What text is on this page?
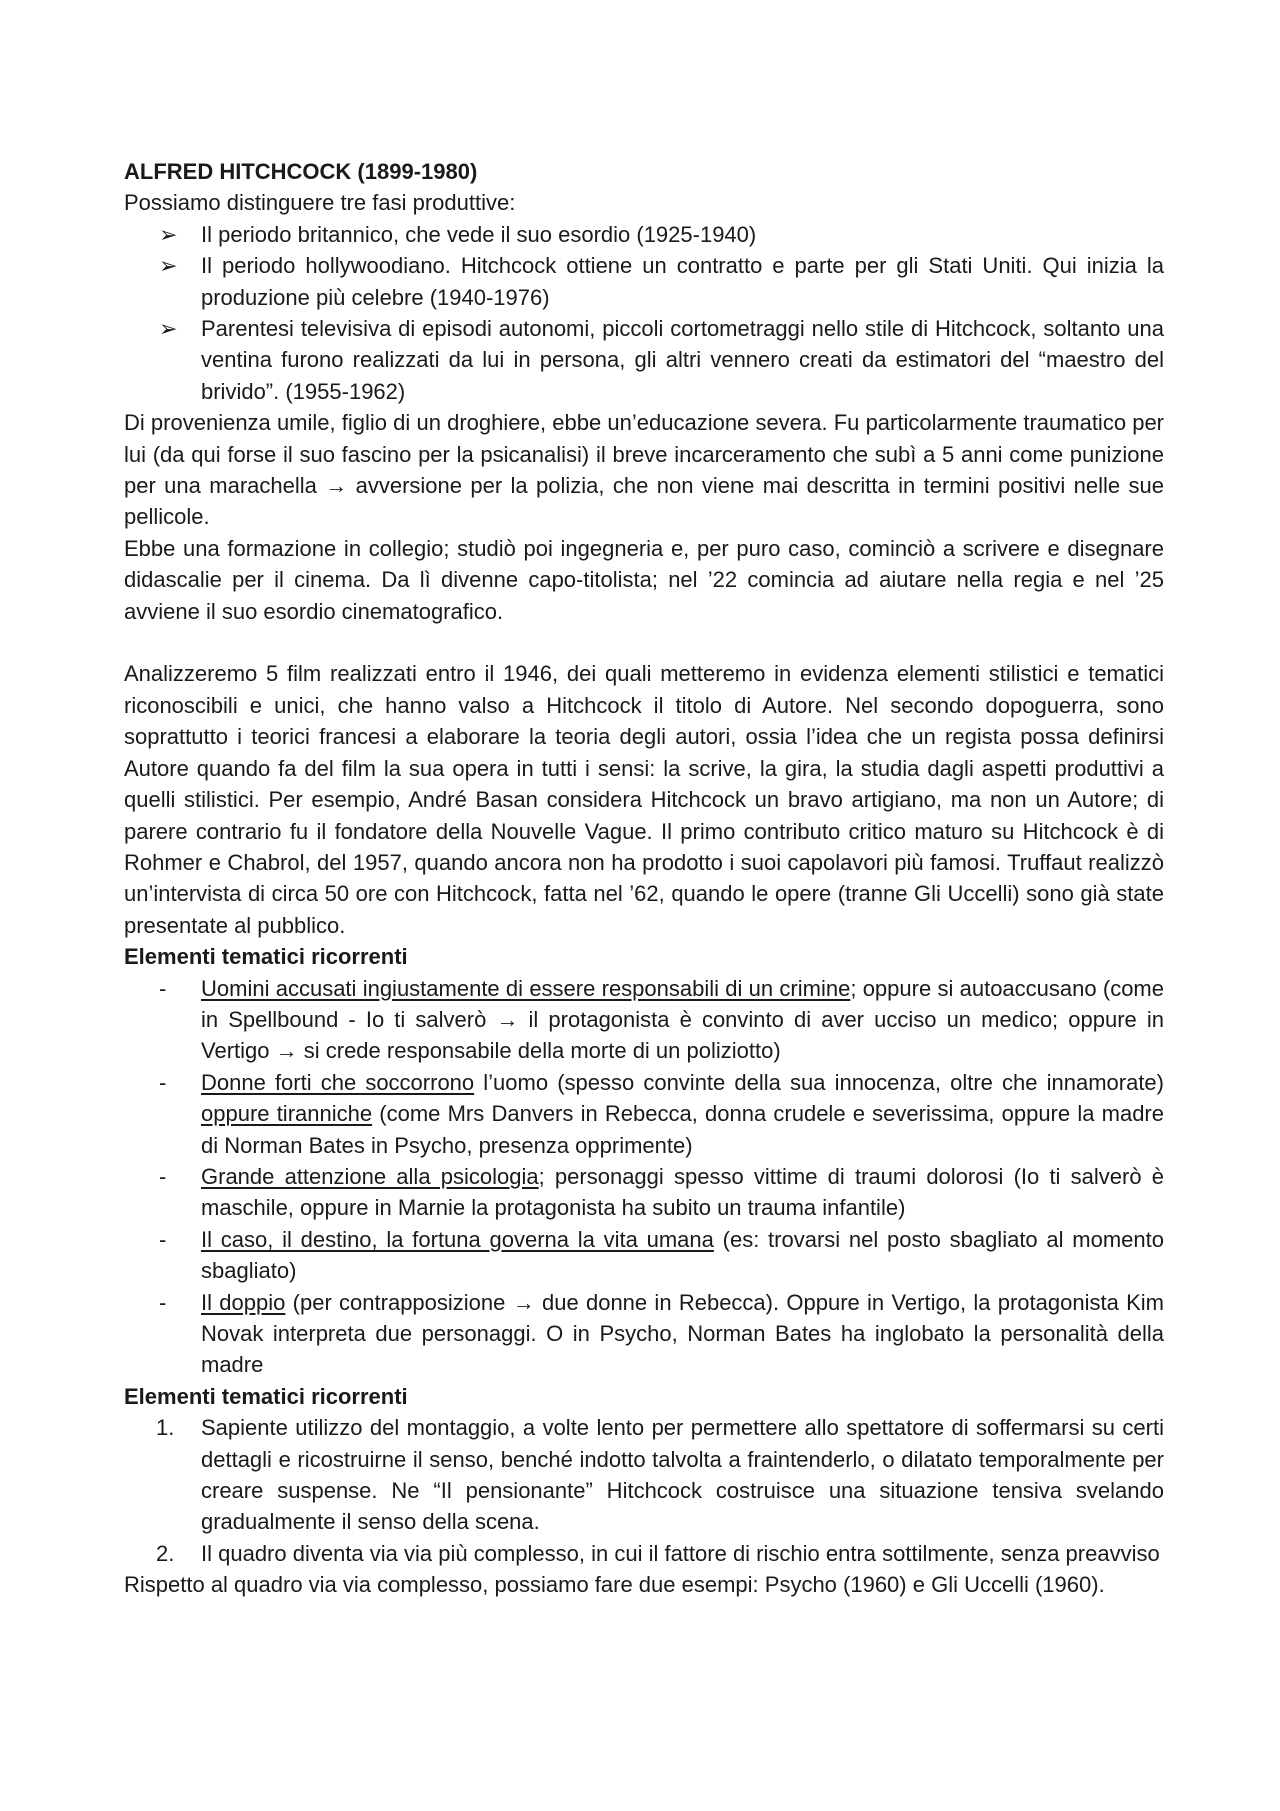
ALFRED HITCHCOCK (1899-1980)

Possiamo distinguere tre fasi produttive:

➢	Il periodo britannico, che vede il suo esordio (1925-1940)
➢	Il periodo hollywoodiano. Hitchcock ottiene un contratto e parte per gli Stati Uniti. Qui inizia la produzione più celebre (1940-1976)
➢	Parentesi televisiva di episodi autonomi, piccoli cortometraggi nello stile di Hitchcock, soltanto una ventina furono realizzati da lui in persona, gli altri vennero creati da estimatori del “maestro del brivido”. (1955-1962)

Di provenienza umile, figlio di un droghiere, ebbe un’educazione severa. Fu particolarmente traumatico per lui (da qui forse il suo fascino per la psicanalisi) il breve incarceramento che subì a 5 anni come punizione per una marachella → avversione per la polizia, che non viene mai descritta in termini positivi nelle sue pellicole.

Ebbe una formazione in collegio; studiò poi ingegneria e, per puro caso, cominciò a scrivere e disegnare didascalie per il cinema. Da lì divenne capo-titolista; nel ’22 comincia ad aiutare nella regia e nel ’25 avviene il suo esordio cinematografico.

Analizzeremo 5 film realizzati entro il 1946, dei quali metteremo in evidenza elementi stilistici e tematici riconoscibili e unici, che hanno valso a Hitchcock il titolo di Autore. Nel secondo dopoguerra, sono soprattutto i teorici francesi a elaborare la teoria degli autori, ossia l’idea che un regista possa definirsi Autore quando fa del film la sua opera in tutti i sensi: la scrive, la gira, la studia dagli aspetti produttivi a quelli stilistici. Per esempio, André Basan considera Hitchcock un bravo artigiano, ma non un Autore; di parere contrario fu il fondatore della Nouvelle Vague. Il primo contributo critico maturo su Hitchcock è di Rohmer e Chabrol, del 1957, quando ancora non ha prodotto i suoi capolavori più famosi. Truffaut realizzò un’intervista di circa 50 ore con Hitchcock, fatta nel ’62, quando le opere (tranne Gli Uccelli) sono già state presentate al pubblico.

Elementi tematici ricorrenti

-	Uomini accusati ingiustamente di essere responsabili di un crimine; oppure si autoaccusano (come in Spellbound - Io ti salverò → il protagonista è convinto di aver ucciso un medico; oppure in Vertigo → si crede responsabile della morte di un poliziotto)
-	Donne forti che soccorrono l’uomo (spesso convinte della sua innocenza, oltre che innamorate) oppure tiranniche (come Mrs Danvers in Rebecca, donna crudele e severissima, oppure la madre di Norman Bates in Psycho, presenza opprimente)
-	Grande attenzione alla psicologia; personaggi spesso vittime di traumi dolorosi (Io ti salverò è maschile, oppure in Marnie la protagonista ha subito un trauma infantile)
-	Il caso, il destino, la fortuna governa la vita umana (es: trovarsi nel posto sbagliato al momento sbagliato)
-	Il doppio (per contrapposizione → due donne in Rebecca). Oppure in Vertigo, la protagonista Kim Novak interpreta due personaggi. O in Psycho, Norman Bates ha inglobato la personalità della madre

Elementi tematici ricorrenti

1.	Sapiente utilizzo del montaggio, a volte lento per permettere allo spettatore di soffermarsi su certi dettagli e ricostruirne il senso, benché indotto talvolta a fraintenderlo, o dilatato temporalmente per creare suspense. Ne “Il pensionante” Hitchcock costruisce una situazione tensiva svelando gradualmente il senso della scena.
2.	Il quadro diventa via via più complesso, in cui il fattore di rischio entra sottilmente, senza preavviso

Rispetto al quadro via via complesso, possiamo fare due esempi: Psycho (1960) e Gli Uccelli (1960).
